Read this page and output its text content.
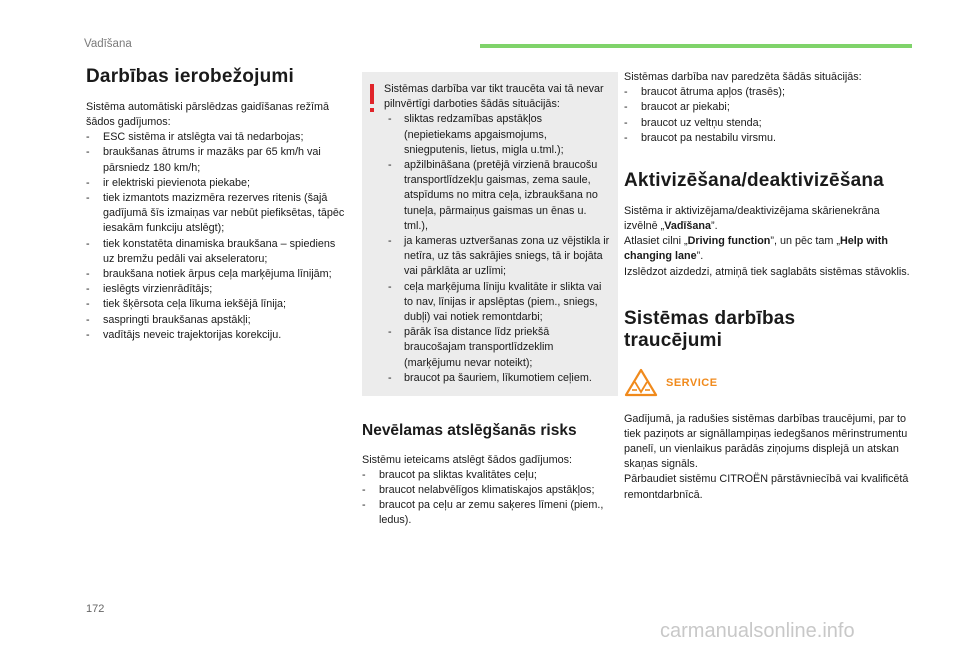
Vadīšana
Darbības ierobežojumi

Sistēma automātiski pārslēdzas gaidīšanas režīmā šādos gadījumos:

- ESC sistēma ir atslēgta vai tā nedarbojas;
- braukšanas ātrums ir mazāks par 65 km/h vai pārsniedz 180 km/h;
- ir elektriski pievienota piekabe;
- tiek izmantots mazizmēra rezerves ritenis (šajā gadījumā šīs izmaiņas var nebūt piefiksētas, tāpēc iesakām funkciju atslēgt);
- tiek konstatēta dinamiska braukšana – spiediens uz bremžu pedāli vai akseleratoru;
- braukšana notiek ārpus ceļa marķējuma līnijām;
- ieslēgts virzienrādītājs;
- tiek šķērsota ceļa līkuma iekšējā līnija;
- saspringti braukšanas apstākļi;
- vadītājs neveic trajektorijas korekciju.

Sistēmas darbība var tikt traucēta vai tā nevar pilnvērtīgi darboties šādās situācijās:

- sliktas redzamības apstākļos (nepietiekams apgaismojums, sniegputenis, lietus, migla u.tml.);
- apžilbināšana (pretējā virzienā braucošu transportlīdzekļu gaismas, zema saule, atspīdums no mitra ceļa, izbraukšana no tuneļa, pārmaiņus gaismas un ēnas u. tml.),
- ja kameras uztveršanas zona uz vējstikla ir netīra, uz tās sakrājies sniegs, tā ir bojāta vai pārklāta ar uzlīmi;
- ceļa marķējuma līniju kvalitāte ir slikta vai to nav, līnijas ir apslēptas (piem., sniegs, dubļi) vai notiek remontdarbi;
- pārāk īsa distance līdz priekšā braucošajam transportlīdzeklim (marķējumu nevar noteikt);
- braucot pa šauriem, līkumotiem ceļiem.
Nevēlamas atslēgšanās risks

Sistēmu ieteicams atslēgt šādos gadījumos:

- braucot pa sliktas kvalitātes ceļu;
- braucot nelabvēlīgos klimatiskajos apstākļos;
- braucot pa ceļu ar zemu saķeres līmeni (piem., ledus).

Sistēmas darbība nav paredzēta šādās situācijās:

- braucot ātruma apļos (trasēs);
- braucot ar piekabi;
- braucot uz veltņu stenda;
- braucot pa nestabilu virsmu.
Aktivizēšana/deaktivizēšana

Sistēma ir aktivizējama/deaktivizējama skārienekrāna izvēlnē „Vadīšana”.

Atlasiet cilni „Driving function”, un pēc tam „Help with changing lane”.

Izslēdzot aizdedzi, atmiņā tiek saglabāts sistēmas stāvoklis.

Sistēmas darbības
traucējumi
SERVICE

Gadījumā, ja radušies sistēmas darbības traucējumi, par to tiek paziņots ar signāllampiņas iedegšanos mērinstrumentu panelī, un vienlaikus parādās ziņojums displejā un atskan skaņas signāls.

Pārbaudiet sistēmu CITROËN pārstāvniecībā vai kvalificētā remontdarbnīcā.

172
carmanualsonline.info
